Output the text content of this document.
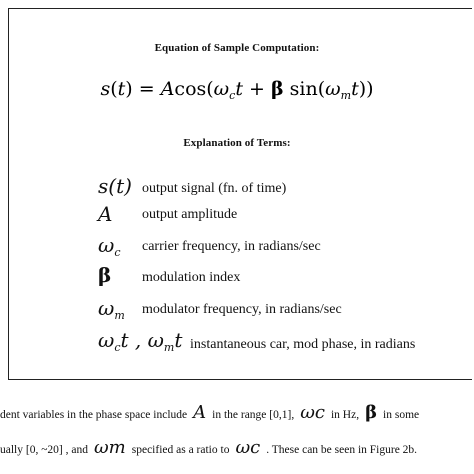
Equation of Sample Computation:
$s(t) = Acos(\omega_ct + \beta$ $\sin(\omega_mt)$)
Explanation of Terms:
s(t)
A
$\omega_c$
β
$\omega_m$
$\omega_ct$ , $\omega_mt$
output signal (fn. of time)
output amplitude
carrier frequency, in radians/sec
modulation index
modulator frequency, in radians/sec
instantaneous car, mod phase, in radians
dent variables in the phase space include A in the range [0,1], ωc in Hz, β in some
ually [0, ~20] , and ωm specified as a ratio to ωc . These can be seen in Figure 2b.
